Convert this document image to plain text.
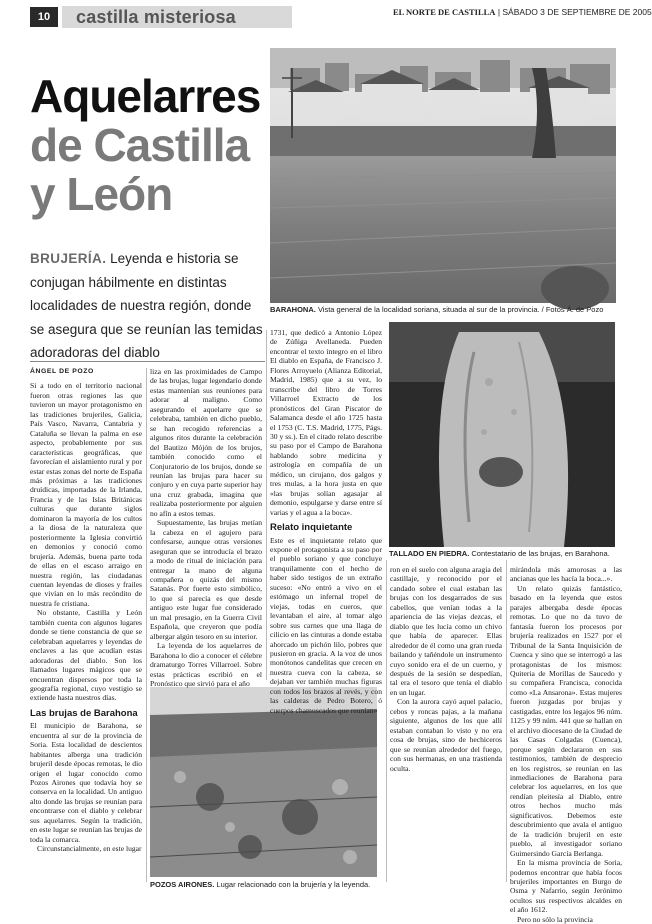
10	castilla misteriosa	EL NORTE DE CASTILLA | SÁBADO 3 DE SEPTIEMBRE DE 2005
Aquelarres
de Castilla
y León
BRUJERÍA. Leyenda e historia se conjugan hábilmente en distintas localidades de nuestra región, donde se asegura que se reunían las temidas adoradoras del diablo
BARAHONA. Vista general de la localidad soriana, situada al sur de la provincia. / Fotos Á. de Pozo
TALLADO EN PIEDRA. Contestatario de las brujas, en Barahona.
POZOS AIRONES. Lugar relacionado con la brujería y la leyenda.
ÁNGEL DE POZO

Si a todo en el territorio nacional fueron otras regiones las que tuvieron un mayor protagonismo en las tradiciones brujeriles, Galicia, País Vasco, Navarra, Cantabria y Cataluña se llevan la palma en ese aspecto, probablemente por sus características geográficas, que favorecían el aislamiento rural y por estar estas zonas del norte de España más próximas a las tradiciones druídicas, importadas de la Irlanda, Francia y de las Islas Británicas culturas que durante siglos dominaron la mayoría de los cultos a la diosa de la naturaleza que posteriormente la Iglesia convirtió en demonios y conoció como brujería. Además, buena parte toda de ellas en el escaso arraigo en nuestra región, las ciudadanas cuentan leyendas de dioses y frailes que vivían en lo más recóndito de nuestra fe cristiana.

No obstante, Castilla y León también cuenta con algunos lugares donde se tiene constancia de que se celebraban aquelarres y leyendas de enclaves a las que acudían estas adoradoras del diablo. Son los llamados lugares mágicos que se encuentran dispersos por toda la geografía regional, cuyo vestigio se extiende hasta nuestros días.

Las brujas de Barahona

El municipio de Barahona, se encuentra al sur de la provincia de Soria. Esta localidad de descientos habitantes alberga una tradición brujeril desde épocas remotas, le dio origen el lugar conocido como Pozos Airones que todavía hoy se conserva en la localidad. Un antiguo alto donde las brujas se reunían para encontrarse con el diablo y celebrar sus aquelarres. Según la tradición, en este lugar se reunían las brujas de toda la comarca.

Circunstancialmente, en este lugar

liza en las proximidades de Campo de las brujas, lugar legendario donde estas mantenían sus reuniones para adorar al maligno. Como asegurando el aquelarre que se celebraba, también en dicho pueblo, se han recogido referencias a algunos ritos durante la celebración del Bautizo Mójón de los brujos, también conocido como el Conjuratorio de los brujos, donde se reunían las brujas para hacer su conjuro y en cuya parte superior hay una cruz grabada, imagina que realizaba posteriormente por alguien no afín a estos temas.

Supuestamente, las brujas metían la cabeza en el agujero para confesarse, aunque otras versiones aseguran que se introducía el brazo a modo de ritual de iniciación para entregar la mano de alguna compañera o quizás del mismo Satanás. Por fuerte esto simbólico, lo que sí parecía es que desde antiguo este lugar fue considerado un mal presagio, en la Guerra Civil Española, que creyeron que podía albergar algún tesoro en su interior.

La leyenda de los aquelarres de Barahona lo dio a conocer el célebre dramaturgo Torres Villarroel. Sobre estas prácticas escribió en el Pronóstico que sirvió para el año

1731, que dedicó a Antonio López de Zúñiga Avellaneda. Pueden encontrar el texto íntegro en el libro El diablo en España, de Francisco J. Flores Arroyuelo (Alianza Editorial, Madrid, 1985) que a su vez, lo transcribe del libro de Torres Villarroel Extracto de los pronósticos del Gran Piscator de Salamanca desde el año 1725 hasta el 1753 (C. T.S. Madrid, 1775, Págs. 30 y ss.). En el citado relato describe su paso por el Campo de Barahona hablando sobre medicina y astrología en compañía de un médico, un cirujano, dos galgos y tres mulas, a la hora justa en que «las brujas solían agasajar al demonio, espulgarse y darse entre sí varias y el agua a la boca».

Relato inquietante

Este es el inquietante relato que expone el protagonista a su paso por el pueblo soriano y que concluye tranquilamente con el hecho de haber sido testigos de un extraño suceso: «No entró a vivo en el estómago un infernal tropel de viejas, todas en cueros, que levantaban el aire, al tomar algo sobre sus carnes que una llaga de cilicio en las cinturas a donde estaba ahorcado un pichón lilo, pobres que pusieron en gracia. A la voz de unos monótonos candelitas que crecen en nuestra cueva con la cabeza, se dejaban ver también muchas figuras con todos los brazos al revés, y con las calderas de Pedro Botero, ó cuerpos chamuscados que reunían»

ron en el suelo con alguna aragia del castillaje, y reconocido por el candado sobre el cual estaban las brujas con los desgarrados de sus cabellos, que venían todas a la apariencia de las viejas dezcas, el diablo que les lucía como un chivo que había de aparecer. Ellas alrededor de él como una gran rueda bailando y tañéndole un instrumento cuyo sonido era el de un cuerno, y después de la sesión se despedían, tal era el tesoro que tenía el diablo en un lugar.

Con la aurora cayó aquel palacio, cebos y roncas pajas, a la mañana siguiente, algunos de los que allí estaban contaban lo visto y no era cosa de brujas, sino de hechiceros que se reunían alrededor del fuego, con sus hermanas, en una trastienda oculta.

mirándola más amorosas a las ancianas que les hacía la boca...».

Un relato quizás fantástico, basado en la leyenda que estos parajes albergaba desde épocas remotas. Lo que no da tuvo de fantasía fueron los procesos por brujería realizados en 1527 por el Tribunal de la Santa Inquisición de Cuenca y sino que se interrogó a las protagonistas de los mismos: Quiteria de Morillas de Saucedo y su compañera Francisca, conocida como «La Ansarona». Estas mujeres fueron juzgadas por brujas y castigadas, entre los legajos 96 núm. 1125 y 99 núm. 441 que se hallan en el archivo diocesano de la Ciudad de las Casas Colgadas (Cuenca), porque según declararon en sus testimonios, también de desprecio en los registros, se reunían en las inmediaciones de Barahona para celebrar los aquelarres, en los que rendían pleitesía al Diablo, entre otros hechos mucho más significativos. Debemos este descubrimiento que avala el antiguo de la tradición brujeril en este pueblo, al investigador soriano Guimersindo García Berlanga.

En la misma provincia de Soria, podemos encontrar que había focos brujeriles importantes en Burgo de Osma y Nafarrio, según Jerónimo ocultos sus respectivos alcaldes en el año 1612.

Pero no sólo la provincia
